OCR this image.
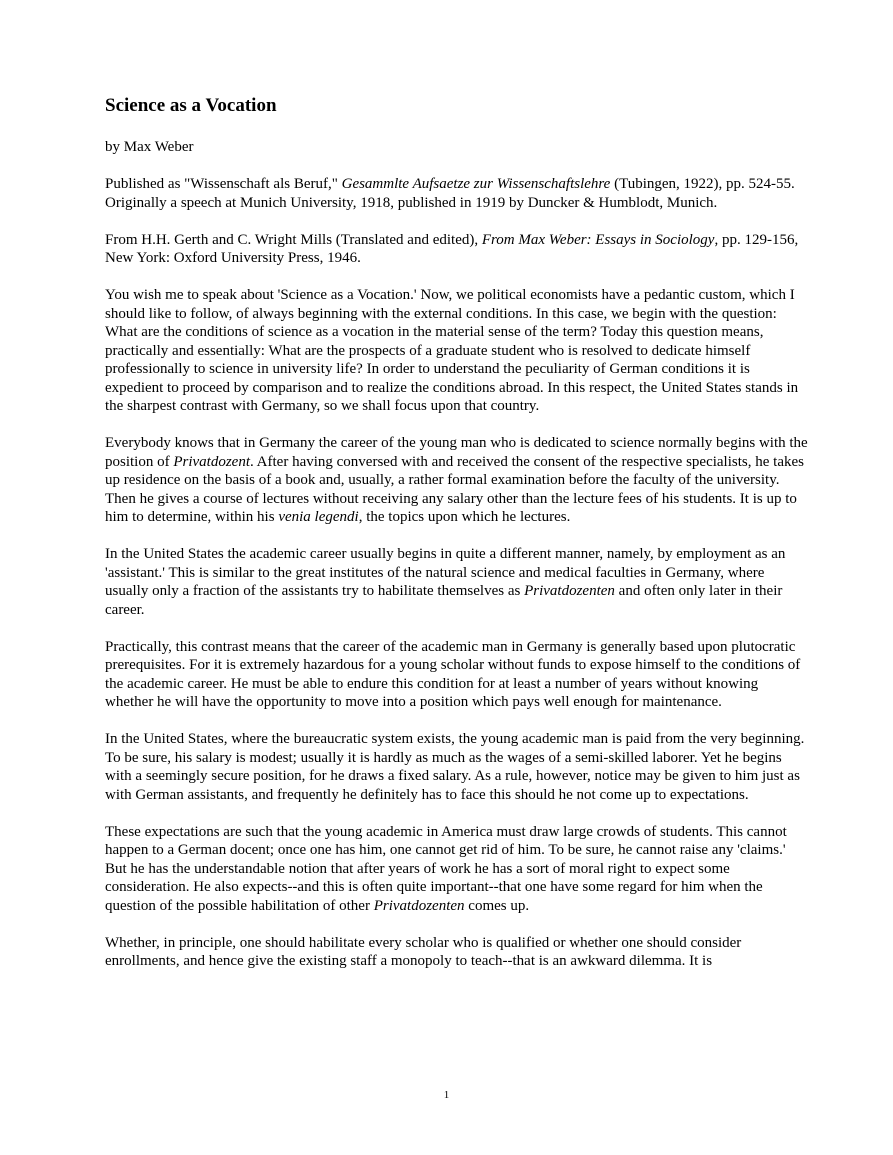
Science as a Vocation

by Max Weber

Published as "Wissenschaft als Beruf," Gesammlte Aufsaetze zur Wissenschaftslehre (Tubingen, 1922), pp. 524-55. Originally a speech at Munich University, 1918, published in 1919 by Duncker & Humblodt, Munich.

From H.H. Gerth and C. Wright Mills (Translated and edited), From Max Weber: Essays in Sociology, pp. 129-156, New York: Oxford University Press, 1946.

You wish me to speak about 'Science as a Vocation.' Now, we political economists have a pedantic custom, which I should like to follow, of always beginning with the external conditions. In this case, we begin with the question: What are the conditions of science as a vocation in the material sense of the term? Today this question means, practically and essentially: What are the prospects of a graduate student who is resolved to dedicate himself professionally to science in university life? In order to understand the peculiarity of German conditions it is expedient to proceed by comparison and to realize the conditions abroad. In this respect, the United States stands in the sharpest contrast with Germany, so we shall focus upon that country.

Everybody knows that in Germany the career of the young man who is dedicated to science normally begins with the position of Privatdozent. After having conversed with and received the consent of the respective specialists, he takes up residence on the basis of a book and, usually, a rather formal examination before the faculty of the university. Then he gives a course of lectures without receiving any salary other than the lecture fees of his students. It is up to him to determine, within his venia legendi, the topics upon which he lectures.

In the United States the academic career usually begins in quite a different manner, namely, by employment as an 'assistant.' This is similar to the great institutes of the natural science and medical faculties in Germany, where usually only a fraction of the assistants try to habilitate themselves as Privatdozenten and often only later in their career.

Practically, this contrast means that the career of the academic man in Germany is generally based upon plutocratic prerequisites. For it is extremely hazardous for a young scholar without funds to expose himself to the conditions of the academic career. He must be able to endure this condition for at least a number of years without knowing whether he will have the opportunity to move into a position which pays well enough for maintenance.

In the United States, where the bureaucratic system exists, the young academic man is paid from the very beginning. To be sure, his salary is modest; usually it is hardly as much as the wages of a semi-skilled laborer. Yet he begins with a seemingly secure position, for he draws a fixed salary. As a rule, however, notice may be given to him just as with German assistants, and frequently he definitely has to face this should he not come up to expectations.

These expectations are such that the young academic in America must draw large crowds of students. This cannot happen to a German docent; once one has him, one cannot get rid of him. To be sure, he cannot raise any 'claims.' But he has the understandable notion that after years of work he has a sort of moral right to expect some consideration. He also expects--and this is often quite important--that one have some regard for him when the question of the possible habilitation of other Privatdozenten comes up.

Whether, in principle, one should habilitate every scholar who is qualified or whether one should consider enrollments, and hence give the existing staff a monopoly to teach--that is an awkward dilemma. It is

1
